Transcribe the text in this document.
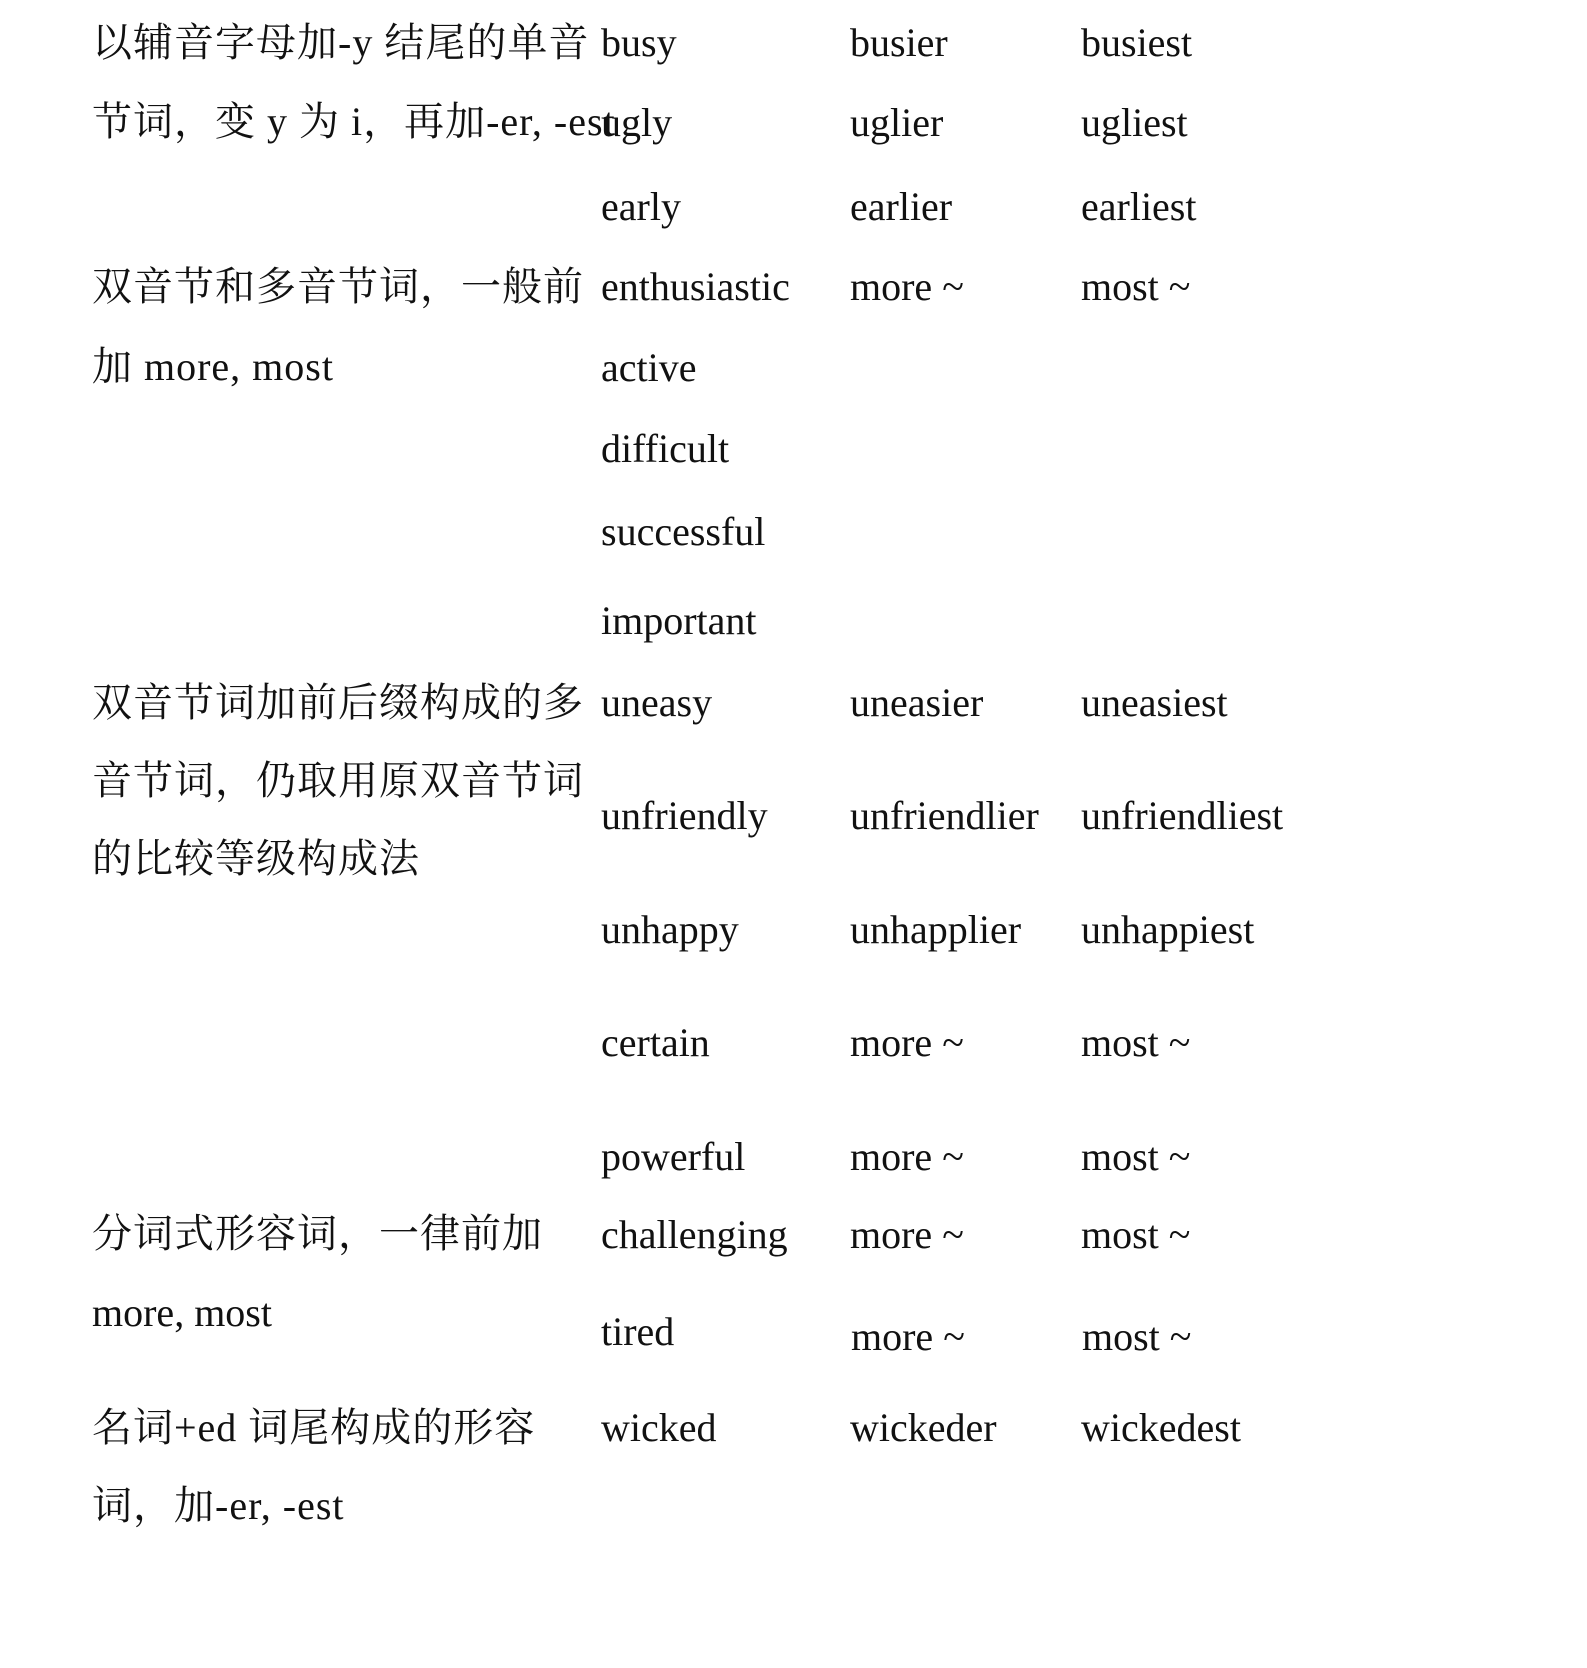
以辅音字母加-y 结尾的单音
节词，变 y 为 i，再加-er, -est
busy	busier	busiest
ugly	uglier	ugliest
early	earlier	earliest
双音节和多音节词，一般前
加 more, most
enthusiastic more ~	most ~
active
difficult
successful
important
双音节词加前后缀构成的多
音节词，仍取用原双音节词
的比较等级构成法
uneasy	uneasier uneasiest
unfriendly unfriendlier unfriendliest
unhappy	unhapplier unhappiest
certain	more ~	most ~
powerful	more ~	most ~
分词式形容词，一律前加
more, most
challenging more ~	most ~
tired	more ~	most ~
名词+ed 词尾构成的形容
词，加-er, -est
wicked	wickeder wickedest
